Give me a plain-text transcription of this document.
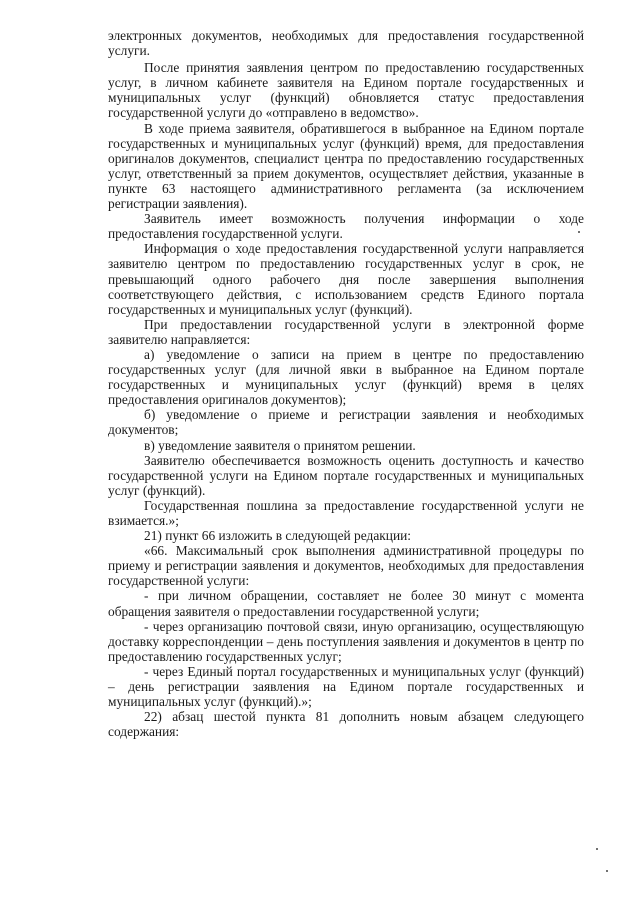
электронных документов, необходимых для предоставления государственной услуги.

После принятия заявления центром по предоставлению государственных услуг, в личном кабинете заявителя на Едином портале государственных и муниципальных услуг (функций) обновляется статус предоставления государственной услуги до «отправлено в ведомство».

В ходе приема заявителя, обратившегося в выбранное на Едином портале государственных и муниципальных услуг (функций) время, для предоставления оригиналов документов, специалист центра по предоставлению государственных услуг, ответственный за прием документов, осуществляет действия, указанные в пункте 63 настоящего административного регламента (за исключением регистрации заявления).

Заявитель имеет возможность получения информации о ходе предоставления государственной услуги.

Информация о ходе предоставления государственной услуги направляется заявителю центром по предоставлению государственных услуг в срок, не превышающий одного рабочего дня после завершения выполнения соответствующего действия, с использованием средств Единого портала государственных и муниципальных услуг (функций).

При предоставлении государственной услуги в электронной форме заявителю направляется:

а) уведомление о записи на прием в центре по предоставлению государственных услуг (для личной явки в выбранное на Едином портале государственных и муниципальных услуг (функций) время в целях предоставления оригиналов документов);

б) уведомление о приеме и регистрации заявления и необходимых документов;

в) уведомление заявителя о принятом решении.

Заявителю обеспечивается возможность оценить доступность и качество государственной услуги на Едином портале государственных и муниципальных услуг (функций).

Государственная пошлина за предоставление государственной услуги не взимается.»;

21) пункт 66 изложить в следующей редакции:

«66. Максимальный срок выполнения административной процедуры по приему и регистрации заявления и документов, необходимых для предоставления государственной услуги:

- при личном обращении, составляет не более 30 минут с момента обращения заявителя о предоставлении государственной услуги;

- через организацию почтовой связи, иную организацию, осуществляющую доставку корреспонденции – день поступления заявления и документов в центр по предоставлению государственных услуг;

- через Единый портал государственных и муниципальных услуг (функций) – день регистрации заявления на Едином портале государственных и муниципальных услуг (функций).»;

22) абзац шестой пункта 81 дополнить новым абзацем следующего содержания:
